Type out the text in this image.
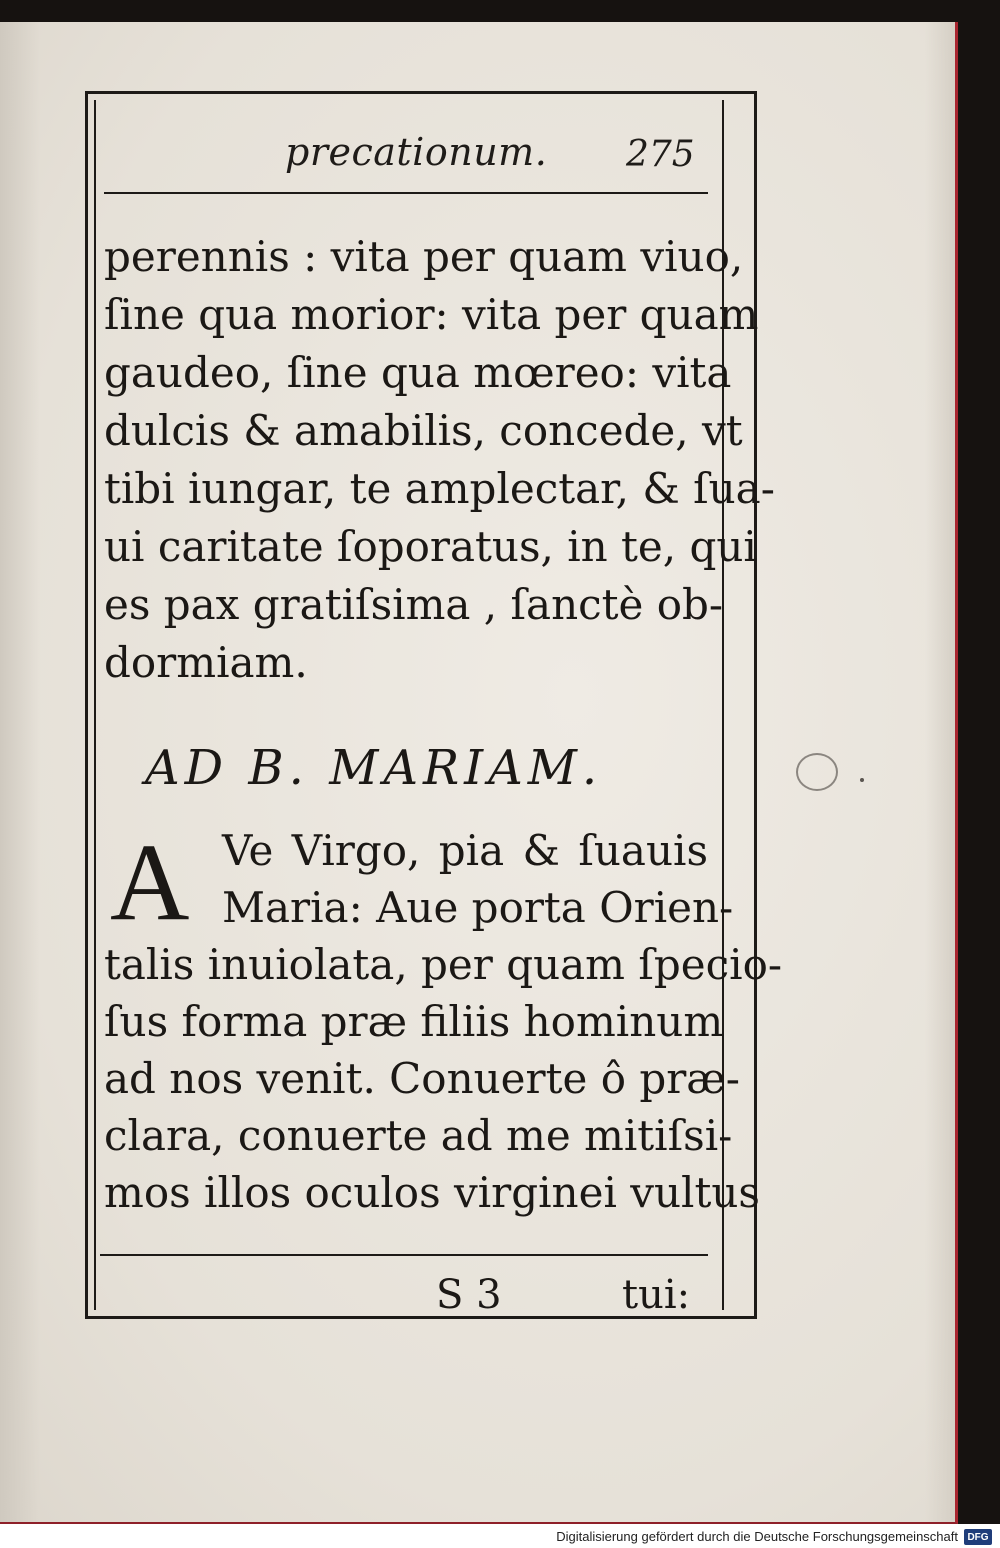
precationum. 275
perennis : vita per quam viuo,
ſine qua morior: vita per quam
gaudeo, ſine qua mœreo: vita
dulcis & amabilis, concede, vt
tibi iungar, te amplectar, & ſua-
ui caritate ſoporatus, in te, qui
es pax gratiſsima , ſanctè ob-
dormiam.
AD B. MARIAM.
A Ve Virgo, pia & ſuauis
Maria: Aue porta Orien-
talis inuiolata, per quam ſpecio-
ſus forma præ filiis hominum
ad nos venit. Conuerte ô præ-
clara, conuerte ad me mitiſsi-
mos illos oculos virginei vultus
S 3	tui:
Digitalisierung gefördert durch die Deutsche Forschungsgemeinschaft DFG
